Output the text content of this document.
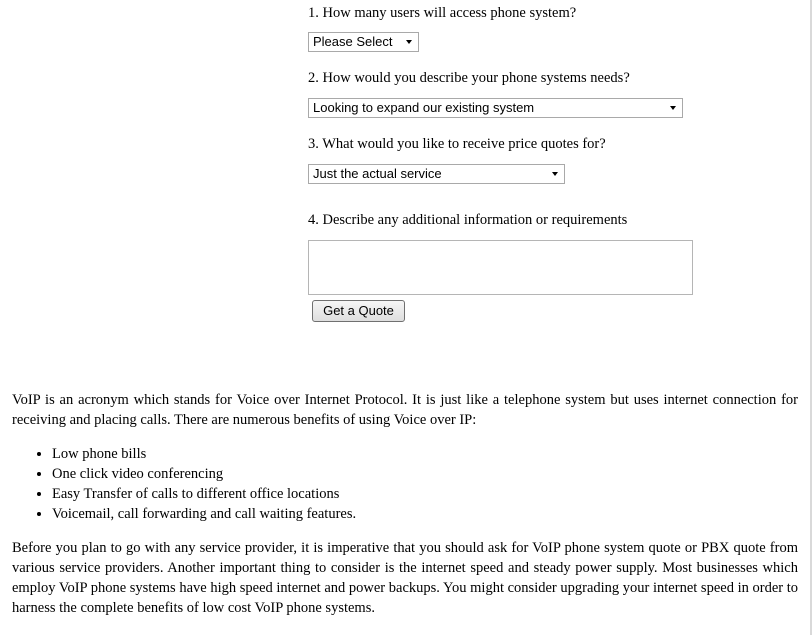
1. How many users will access phone system?

Please Select

2. How would you describe your phone systems needs?

Looking to expand our existing system

3. What would you like to receive price quotes for?

Just the actual service

4. Describe any additional information or requirements

Get a Quote

VoIP is an acronym which stands for Voice over Internet Protocol. It is just like a telephone system but uses internet connection for receiving and placing calls. There are numerous benefits of using Voice over IP:

• Low phone bills
• One click video conferencing
• Easy Transfer of calls to different office locations
• Voicemail, call forwarding and call waiting features.

Before you plan to go with any service provider, it is imperative that you should ask for VoIP phone system quote or PBX quote from various service providers. Another important thing to consider is the internet speed and steady power supply. Most businesses which employ VoIP phone systems have high speed internet and power backups. You might consider upgrading your internet speed in order to harness the complete benefits of low cost VoIP phone systems.
